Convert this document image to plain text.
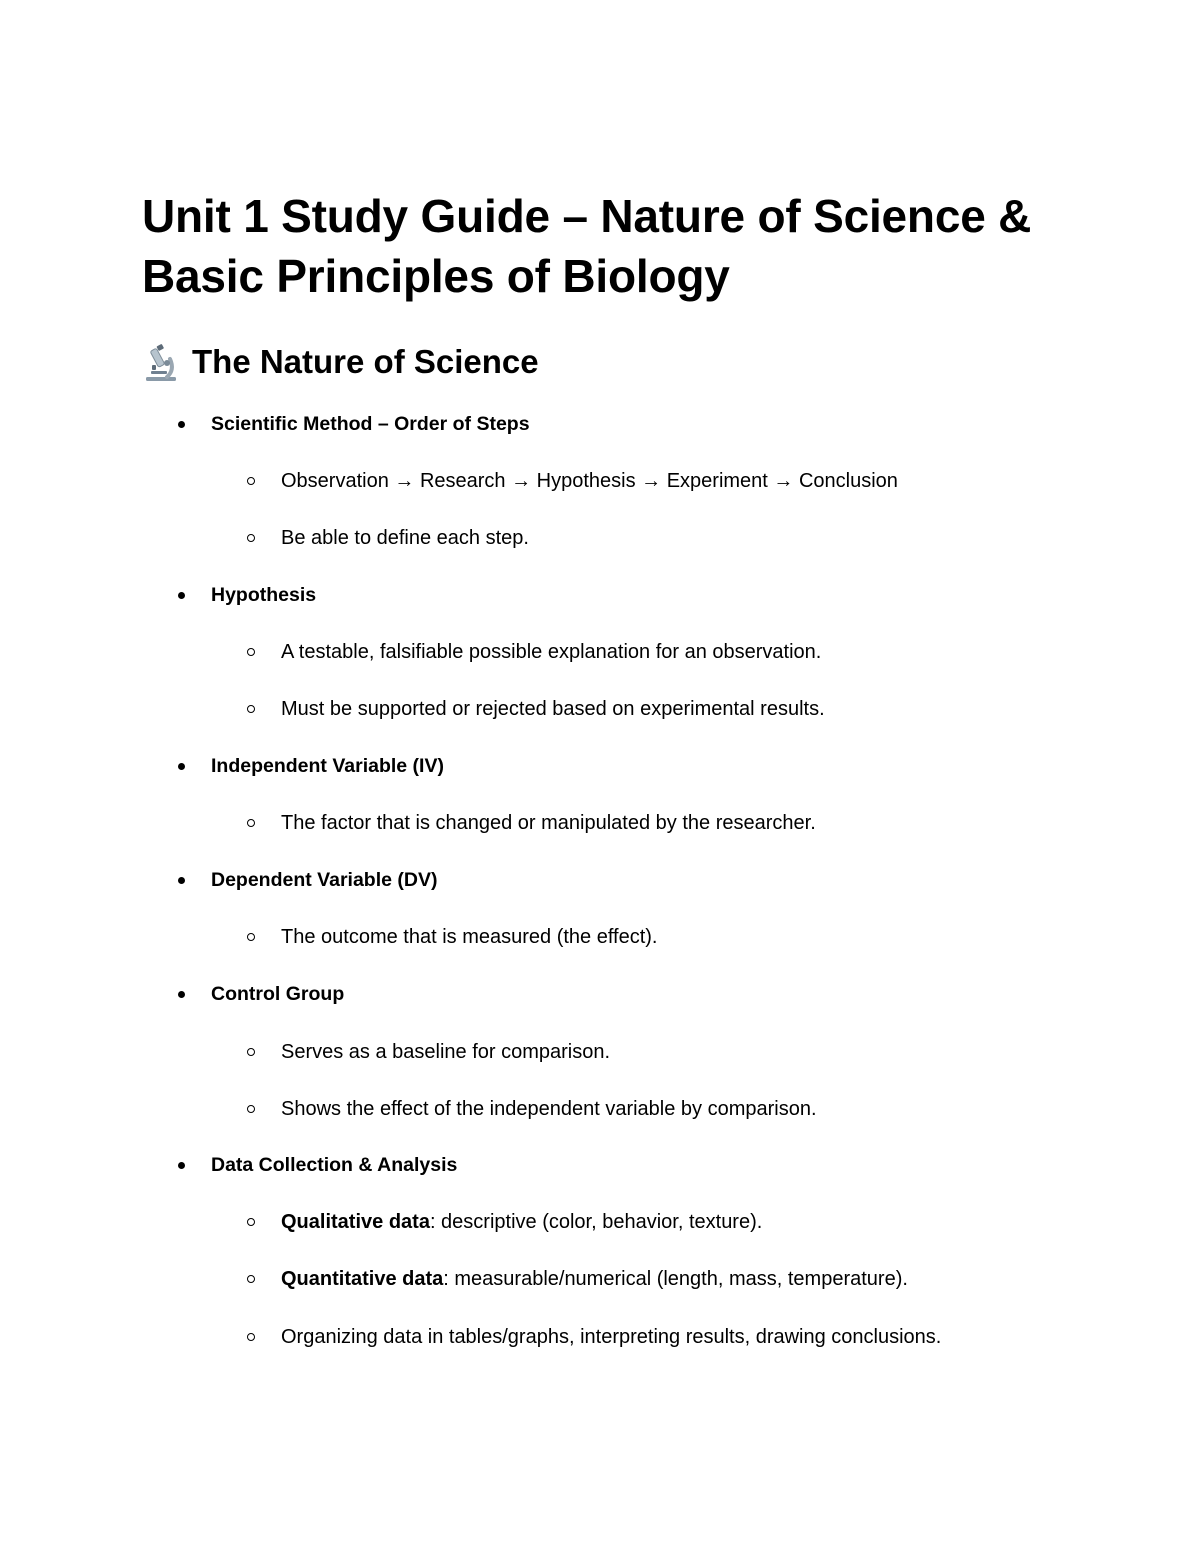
Unit 1 Study Guide – Nature of Science & Basic Principles of Biology
The Nature of Science
Scientific Method – Order of Steps
Observation → Research → Hypothesis → Experiment → Conclusion
Be able to define each step.
Hypothesis
A testable, falsifiable possible explanation for an observation.
Must be supported or rejected based on experimental results.
Independent Variable (IV)
The factor that is changed or manipulated by the researcher.
Dependent Variable (DV)
The outcome that is measured (the effect).
Control Group
Serves as a baseline for comparison.
Shows the effect of the independent variable by comparison.
Data Collection & Analysis
Qualitative data: descriptive (color, behavior, texture).
Quantitative data: measurable/numerical (length, mass, temperature).
Organizing data in tables/graphs, interpreting results, drawing conclusions.
